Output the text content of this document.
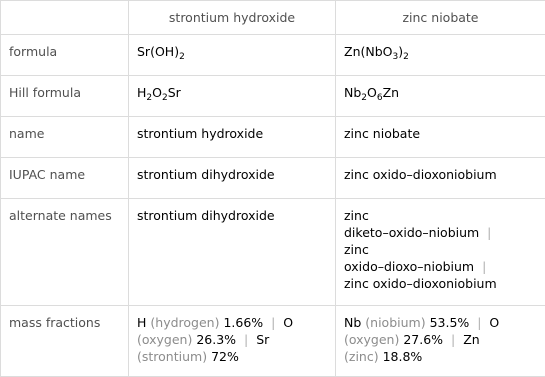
	strontium hydroxide	zinc niobate
formula	$Sr(OH)_2$	$Zn(NbO_3)_2$
Hill formula	$H_2O_2Sr$	$Nb_2O_6Zn$
name	strontium hydroxide	zinc niobate
IUPAC name	strontium dihydroxide	zinc oxido–dioxoniobium
alternate names	strontium dihydroxide	zinc
diketo–oxido–niobium |
zinc
oxido–dioxo–niobium |
zinc oxido–dioxoniobium
mass fractions	H (hydrogen) 1.66% | O
(oxygen) 26.3% | Sr
(strontium) 72%	Nb (niobium) 53.5% | O
(oxygen) 27.6% | Zn
(zinc) 18.8%
